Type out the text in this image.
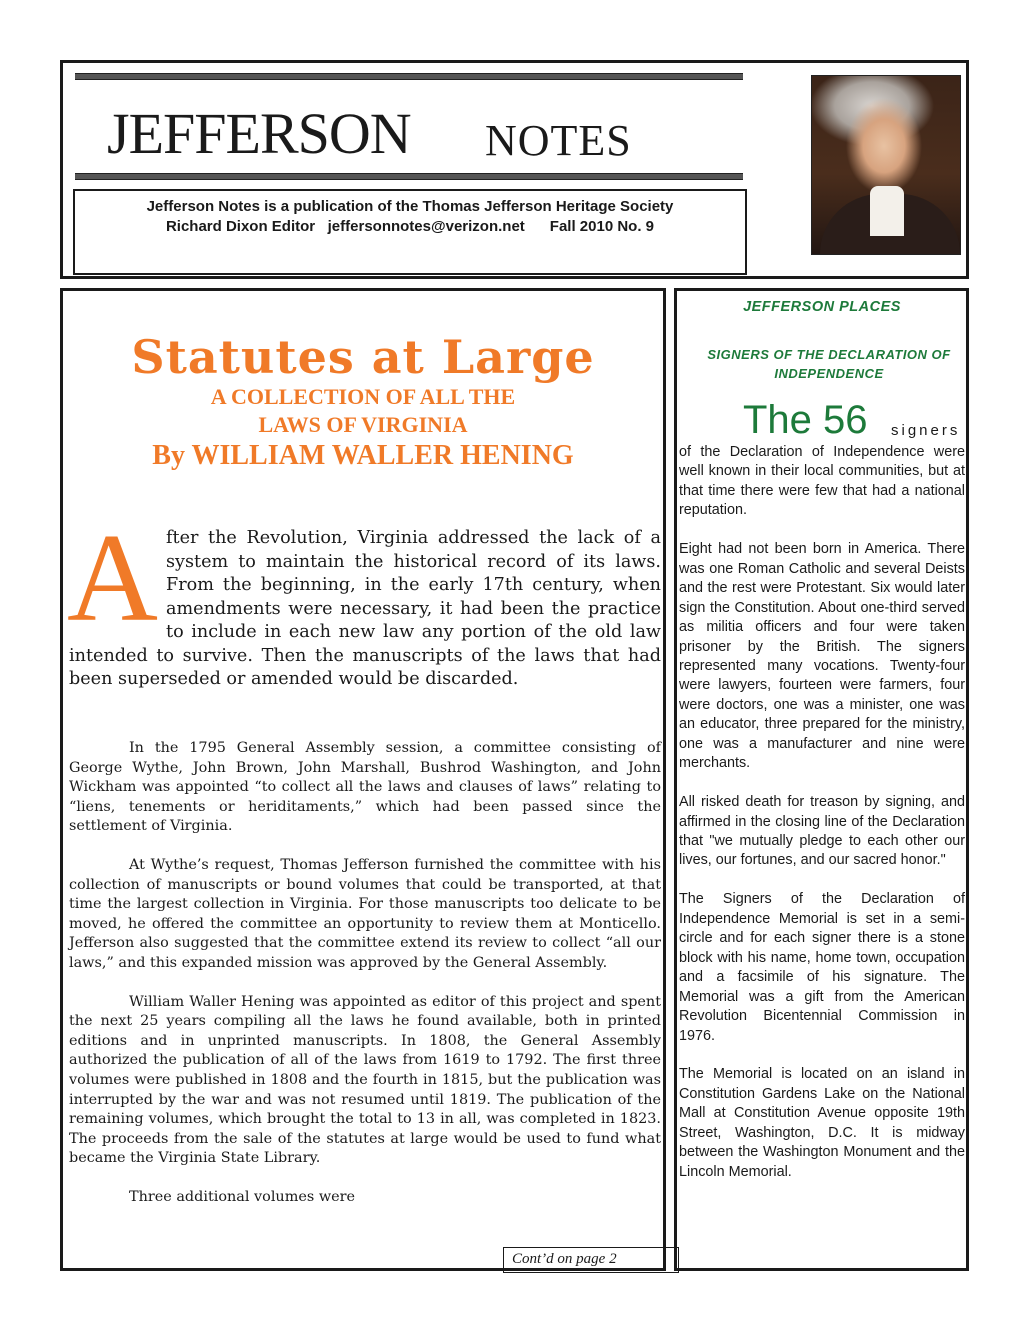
JEFFERSON NOTES
Jefferson Notes is a publication of the Thomas Jefferson Heritage Society
Richard Dixon Editor   jeffersonnotes@verizon.net      Fall 2010 No. 9
Statutes at Large
A COLLECTION OF ALL THE
LAWS OF VIRGINIA
By WILLIAM WALLER HENING
After the Revolution, Virginia addressed the lack of a system to maintain the historical record of its laws. From the beginning, in the early 17th century, when amendments were necessary, it had been the practice to include in each new law any portion of the old law intended to survive. Then the manuscripts of the laws that had been superseded or amended would be discarded.

In the 1795 General Assembly session, a committee consisting of George Wythe, John Brown, John Marshall, Bushrod Washington, and John Wickham was appointed “to collect all the laws and clauses of laws” relating to “liens, tenements or heriditaments,” which had been passed since the settlement of Virginia.

At Wythe’s request, Thomas Jefferson furnished the committee with his collection of manuscripts or bound volumes that could be transported, at that time the largest collection in Virginia. For those manuscripts too delicate to be moved, he offered the committee an opportunity to review them at Monticello. Jefferson also suggested that the committee extend its review to collect “all our laws,” and this expanded mission was approved by the General Assembly.

William Waller Hening was appointed as editor of this project and spent the next 25 years compiling all the laws he found available, both in printed editions and in unprinted manuscripts. In 1808, the General Assembly authorized the publication of all of the laws from 1619 to 1792. The first three volumes were published in 1808 and the fourth in 1815, but the publication was interrupted by the war and was not resumed until 1819. The publication of the remaining volumes, which brought the total to 13 in all, was completed in 1823. The proceeds from the sale of the statutes at large would be used to fund what became the Virginia State Library.

Three additional volumes were

Cont’d on page 2
JEFFERSON PLACES
SIGNERS OF THE DECLARATION OF INDEPENDENCE
The 56 signers

of the Declaration of Independence were well known in their local communities, but at that time there were few that had a national reputation.

Eight had not been born in America. There was one Roman Catholic and several Deists and the rest were Protestant. Six would later sign the Constitution. About one-third served as militia officers and four were taken prisoner by the British. The signers represented many vocations. Twenty-four were lawyers, fourteen were farmers, four were doctors, one was a minister, one was an educator, three prepared for the ministry, one was a manufacturer and nine were merchants.

All risked death for treason by signing, and affirmed in the closing line of the Declaration that "we mutually pledge to each other our lives, our fortunes, and our sacred honor."

The Signers of the Declaration of Independence Memorial is set in a semi-circle and for each signer there is a stone block with his name, home town, occupation and a facsimile of his signature. The Memorial was a gift from the American Revolution Bicentennial Commission in 1976.

The Memorial is located on an island in Constitution Gardens Lake on the National Mall at Constitution Avenue opposite 19th Street, Washington, D.C. It is midway between the Washington Monument and the Lincoln Memorial.
